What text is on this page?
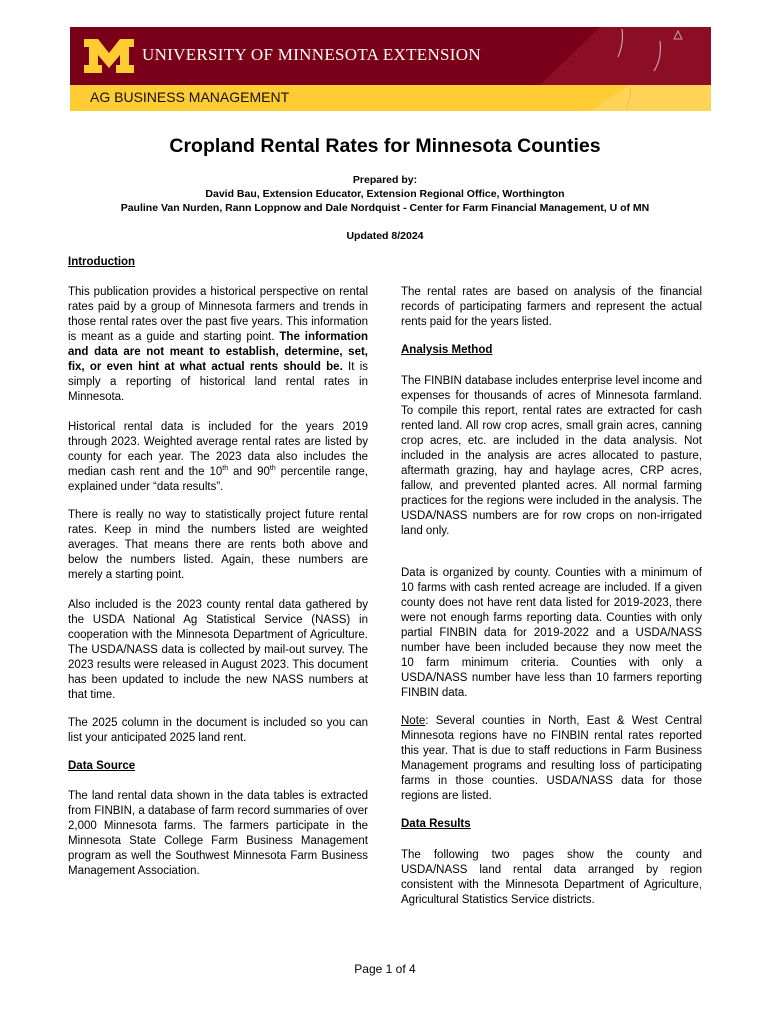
UNIVERSITY OF MINNESOTA EXTENSION
AG BUSINESS MANAGEMENT
Cropland Rental Rates for Minnesota Counties
Prepared by:
David Bau, Extension Educator, Extension Regional Office, Worthington
Pauline Van Nurden, Rann Loppnow and Dale Nordquist - Center for Farm Financial Management, U of MN
Updated 8/2024
Introduction

This publication provides a historical perspective on rental rates paid by a group of Minnesota farmers and trends in those rental rates over the past five years. This information is meant as a guide and starting point. The information and data are not meant to establish, determine, set, fix, or even hint at what actual rents should be. It is simply a reporting of historical land rental rates in Minnesota.

Historical rental data is included for the years 2019 through 2023. Weighted average rental rates are listed by county for each year. The 2023 data also includes the median cash rent and the 10th and 90th percentile range, explained under “data results”.

There is really no way to statistically project future rental rates. Keep in mind the numbers listed are weighted averages. That means there are rents both above and below the numbers listed. Again, these numbers are merely a starting point.

Also included is the 2023 county rental data gathered by the USDA National Ag Statistical Service (NASS) in cooperation with the Minnesota Department of Agriculture. The USDA/NASS data is collected by mail-out survey. The 2023 results were released in August 2023. This document has been updated to include the new NASS numbers at that time.

The 2025 column in the document is included so you can list your anticipated 2025 land rent.

Data Source

The land rental data shown in the data tables is extracted from FINBIN, a database of farm record summaries of over 2,000 Minnesota farms. The farmers participate in the Minnesota State College Farm Business Management program as well the Southwest Minnesota Farm Business Management Association.

The rental rates are based on analysis of the financial records of participating farmers and represent the actual rents paid for the years listed.

Analysis Method

The FINBIN database includes enterprise level income and expenses for thousands of acres of Minnesota farmland. To compile this report, rental rates are extracted for cash rented land. All row crop acres, small grain acres, canning crop acres, etc. are included in the data analysis. Not included in the analysis are acres allocated to pasture, aftermath grazing, hay and haylage acres, CRP acres, fallow, and prevented planted acres. All normal farming practices for the regions were included in the analysis. The USDA/NASS numbers are for row crops on non-irrigated land only.

Data is organized by county. Counties with a minimum of 10 farms with cash rented acreage are included. If a given county does not have rent data listed for 2019-2023, there were not enough farms reporting data. Counties with only partial FINBIN data for 2019-2022 and a USDA/NASS number have been included because they now meet the 10 farm minimum criteria. Counties with only a USDA/NASS number have less than 10 farmers reporting FINBIN data.

Note: Several counties in North, East & West Central Minnesota regions have no FINBIN rental rates reported this year. That is due to staff reductions in Farm Business Management programs and resulting loss of participating farms in those counties. USDA/NASS data for those regions are listed.

Data Results

The following two pages show the county and USDA/NASS land rental data arranged by region consistent with the Minnesota Department of Agriculture, Agricultural Statistics Service districts.

Page 1 of 4
